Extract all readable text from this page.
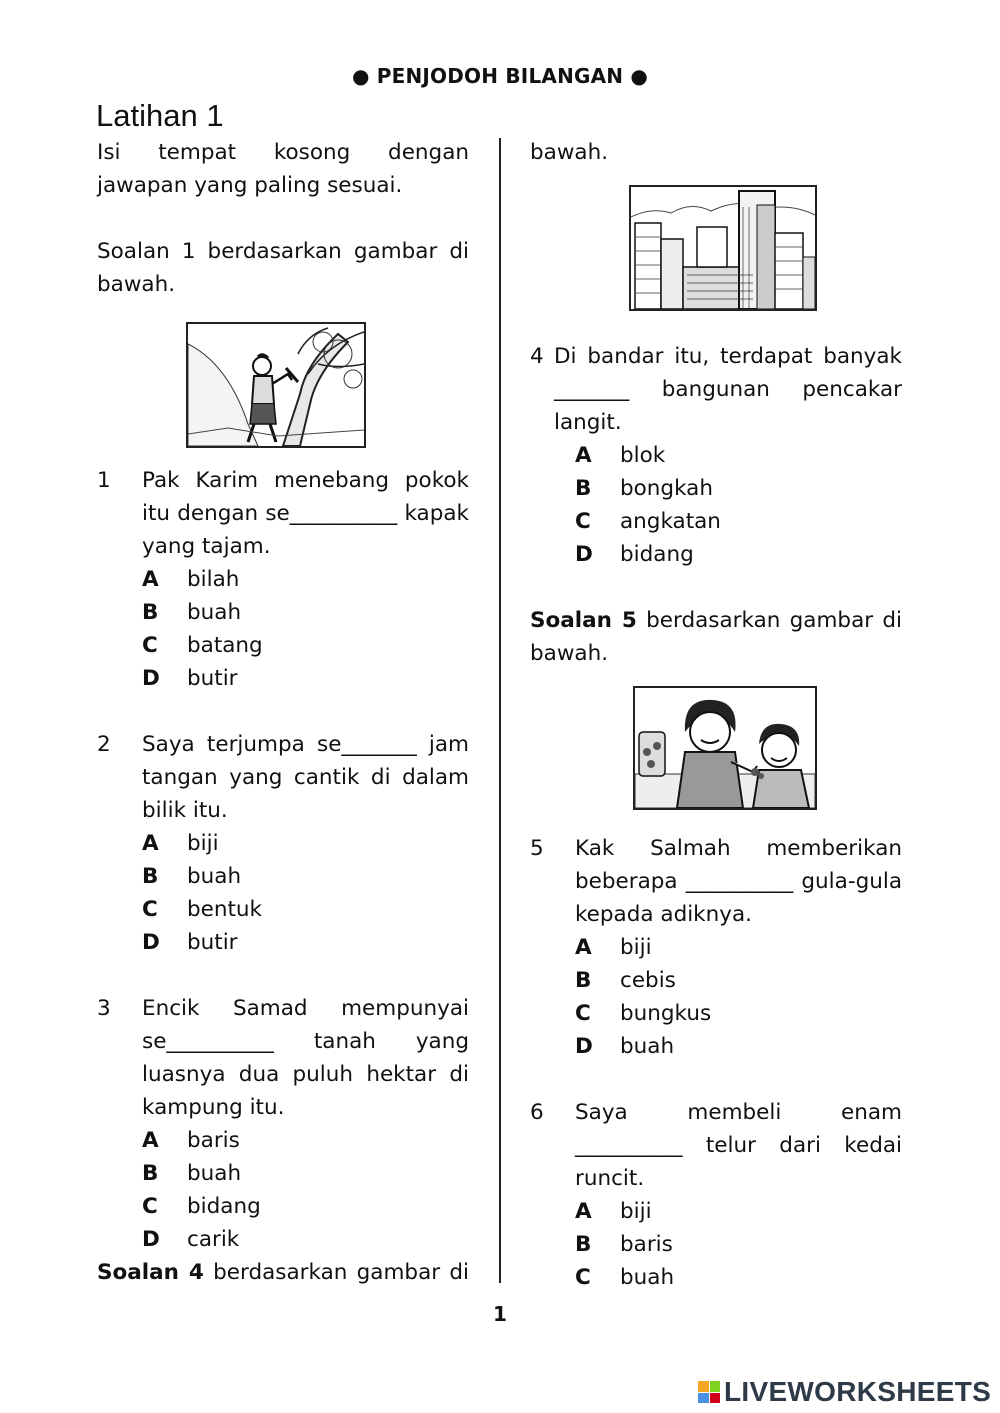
● PENJODOH BILANGAN ●
Latihan 1

Isi tempat kosong dengan jawapan yang paling sesuai.

Soalan 1 berdasarkan gambar di bawah.

1	Pak Karim menebang pokok itu dengan se__________ kapak yang tajam.

A	bilah
B	buah
C	batang
D	butir
2	Saya terjumpa se_______ jam tangan yang cantik di dalam bilik itu.

A	biji
B	buah
C	bentuk
D	butir
3	Encik Samad mempunyai se__________ tanah yang luasnya dua puluh hektar di kampung itu.

A	baris
B	buah
C	bidang
D	carik

Soalan 4 berdasarkan gambar di

bawah.

4 Di bandar itu, terdapat banyak _______ bangunan pencakar langit.

A	blok
B	bongkah
C	angkatan
D	bidang

Soalan 5 berdasarkan gambar di bawah.

5	Kak Salmah memberikan beberapa __________ gula-gula kepada adiknya.

A	biji
B	cebis
C	bungkus
D	buah
6	Saya membeli enam __________ telur dari kedai runcit.

A	biji
B	baris
C	buah
1
LIVEWORKSHEETS
